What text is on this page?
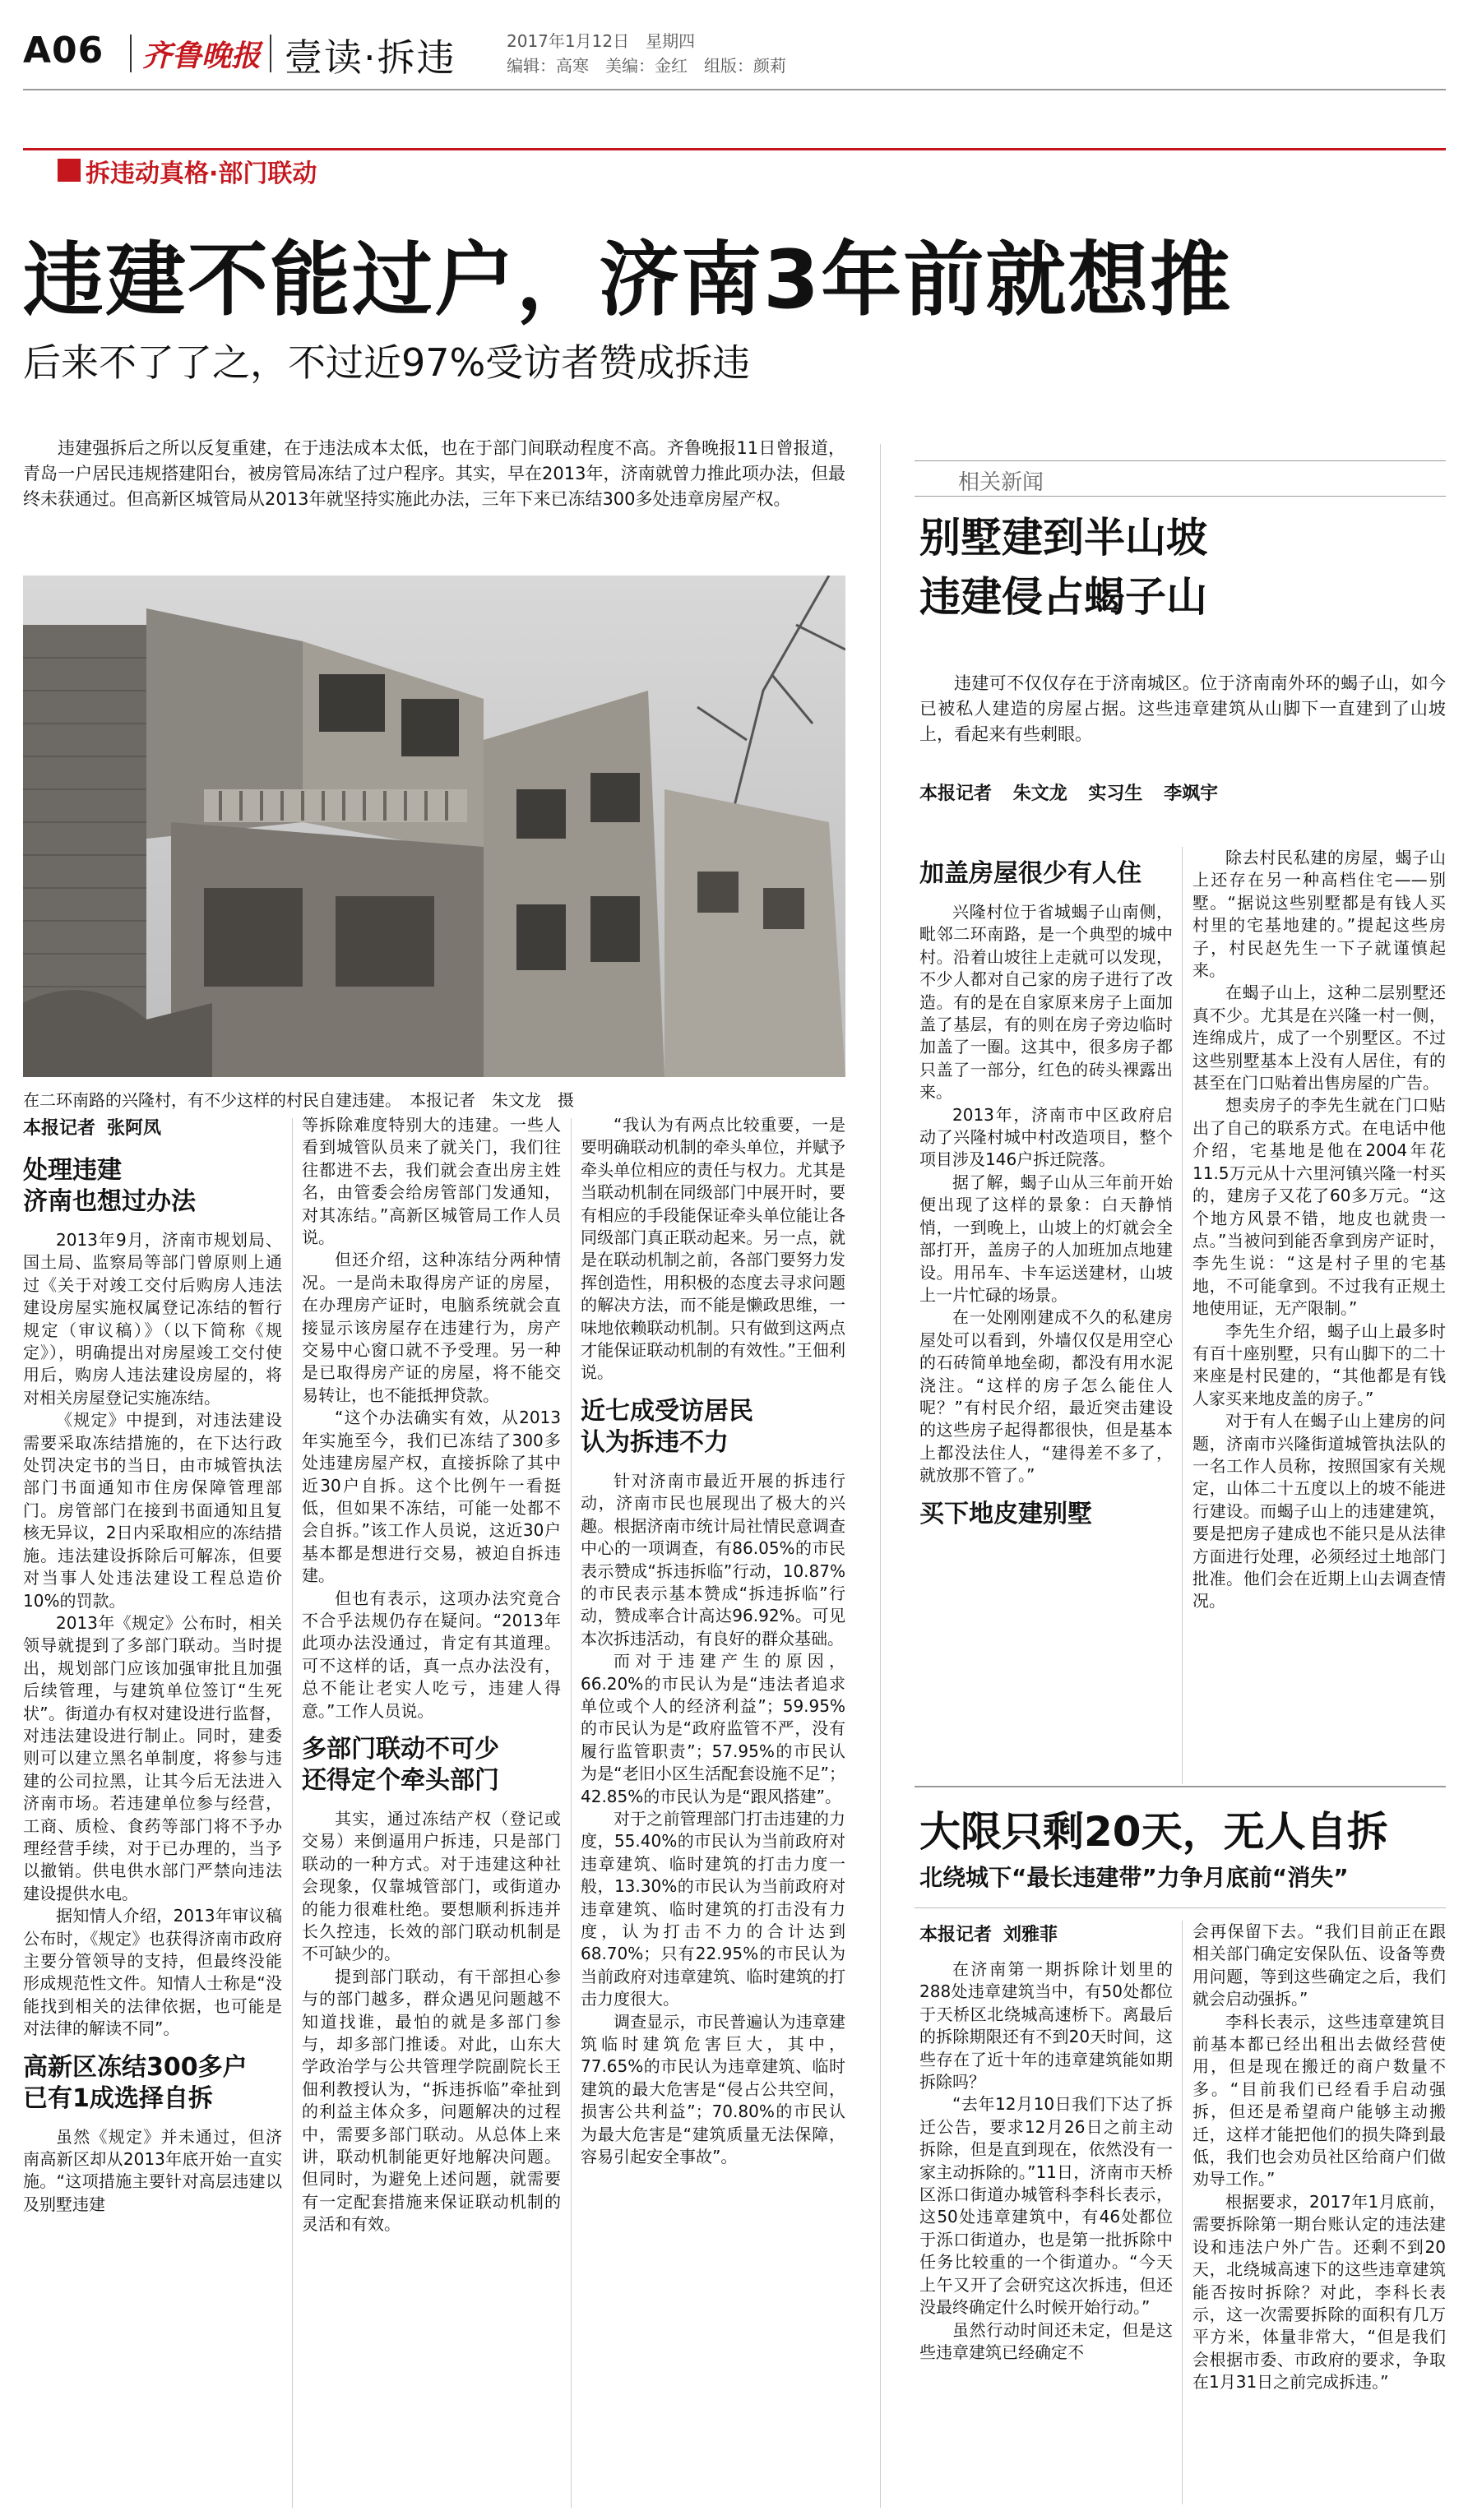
A06 齐鲁晚报 壹读·拆违	2017年1月12日　星期四
编辑：高寒　美编：金红　组版：颜莉
拆违动真格·部门联动
违建不能过户，济南3年前就想推
后来不了了之，不过近97%受访者赞成拆违
违建强拆后之所以反复重建，在于违法成本太低，也在于部门间联动程度不高。齐鲁晚报11日曾报道，青岛一户居民违规搭建阳台，被房管局冻结了过户程序。其实，早在2013年，济南就曾力推此项办法，但最终未获通过。但高新区城管局从2013年就坚持实施此办法，三年下来已冻结300多处违章房屋产权。
在二环南路的兴隆村，有不少这样的村民自建违建。　本报记者　朱文龙　摄
本报记者 张阿凤
处理违建
济南也想过办法

2013年9月，济南市规划局、国土局、监察局等部门曾原则上通过《关于对竣工交付后购房人违法建设房屋实施权属登记冻结的暂行规定（审议稿）》（以下简称《规定》），明确提出对房屋竣工交付使用后，购房人违法建设房屋的，将对相关房屋登记实施冻结。

《规定》中提到，对违法建设需要采取冻结措施的，在下达行政处罚决定书的当日，由市城管执法部门书面通知市住房保障管理部门。房管部门在接到书面通知且复核无异议，2日内采取相应的冻结措施。违法建设拆除后可解冻，但要对当事人处违法建设工程总造价10%的罚款。

2013年《规定》公布时，相关领导就提到了多部门联动。当时提出，规划部门应该加强审批且加强后续管理，与建筑单位签订“生死状”。街道办有权对建设进行监督，对违法建设进行制止。同时，建委则可以建立黑名单制度，将参与违建的公司拉黑，让其今后无法进入济南市场。若违建单位参与经营，工商、质检、食药等部门将不予办理经营手续，对于已办理的，当予以撤销。供电供水部门严禁向违法建设提供水电。

据知情人介绍，2013年审议稿公布时，《规定》也获得济南市政府主要分管领导的支持，但最终没能形成规范性文件。知情人士称是“没能找到相关的法律依据，也可能是对法律的解读不同”。

高新区冻结300多户
已有1成选择自拆

虽然《规定》并未通过，但济南高新区却从2013年底开始一直实施。“这项措施主要针对高层违建以及别墅违建

等拆除难度特别大的违建。一些人看到城管队员来了就关门，我们往往都进不去，我们就会查出房主姓名，由管委会给房管部门发通知，对其冻结。”高新区城管局工作人员说。

但还介绍，这种冻结分两种情况。一是尚未取得房产证的房屋，在办理房产证时，电脑系统就会直接显示该房屋存在违建行为，房产交易中心窗口就不予受理。另一种是已取得房产证的房屋，将不能交易转让，也不能抵押贷款。

“这个办法确实有效，从2013年实施至今，我们已冻结了300多处违建房屋产权，直接拆除了其中近30户自拆。这个比例午一看挺低，但如果不冻结，可能一处都不会自拆。”该工作人员说，这近30户基本都是想进行交易，被迫自拆违建。

但也有表示，这项办法究竟合不合乎法规仍存在疑问。“2013年此项办法没通过，肯定有其道理。可不这样的话，真一点办法没有，总不能让老实人吃亏，违建人得意。”工作人员说。

多部门联动不可少
还得定个牵头部门

其实，通过冻结产权（登记或交易）来倒逼用户拆违，只是部门联动的一种方式。对于违建这种社会现象，仅靠城管部门，或街道办的能力很难杜绝。要想顺利拆违并长久控违，长效的部门联动机制是不可缺少的。

提到部门联动，有干部担心参与的部门越多，群众遇见问题越不知道找谁，最怕的就是多部门参与，却多部门推诿。对此，山东大学政治学与公共管理学院副院长王佃利教授认为，“拆违拆临”牵扯到的利益主体众多，问题解决的过程中，需要多部门联动。从总体上来讲，联动机制能更好地解决问题。但同时，为避免上述问题，就需要有一定配套措施来保证联动机制的灵活和有效。

“我认为有两点比较重要，一是要明确联动机制的牵头单位，并赋予牵头单位相应的责任与权力。尤其是当联动机制在同级部门中展开时，要有相应的手段能保证牵头单位能让各同级部门真正联动起来。另一点，就是在联动机制之前，各部门要努力发挥创造性，用积极的态度去寻求问题的解决方法，而不能是懒政思维，一味地依赖联动机制。只有做到这两点才能保证联动机制的有效性。”王佃利说。

近七成受访居民
认为拆违不力

针对济南市最近开展的拆违行动，济南市民也展现出了极大的兴趣。根据济南市统计局社情民意调查中心的一项调查，有86.05%的市民表示赞成“拆违拆临”行动，10.87%的市民表示基本赞成“拆违拆临”行动，赞成率合计高达96.92%。可见本次拆违活动，有良好的群众基础。

而对于违建产生的原因，66.20%的市民认为是“违法者追求单位或个人的经济利益”；59.95%的市民认为是“政府监管不严，没有履行监管职责”；57.95%的市民认为是“老旧小区生活配套设施不足”；42.85%的市民认为是“跟风搭建”。

对于之前管理部门打击违建的力度，55.40%的市民认为当前政府对违章建筑、临时建筑的打击力度一般，13.30%的市民认为当前政府对违章建筑、临时建筑的打击没有力度，认为打击不力的合计达到68.70%；只有22.95%的市民认为当前政府对违章建筑、临时建筑的打击力度很大。

调查显示，市民普遍认为违章建筑临时建筑危害巨大，其中，77.65%的市民认为违章建筑、临时建筑的最大危害是“侵占公共空间，损害公共利益”；70.80%的市民认为最大危害是“建筑质量无法保障，容易引起安全事故”。

相关新闻
别墅建到半山坡
违建侵占蝎子山
违建可不仅仅存在于济南城区。位于济南南外环的蝎子山，如今已被私人建造的房屋占据。这些违章建筑从山脚下一直建到了山坡上，看起来有些刺眼。
本报记者 朱文龙 实习生 李飒宇
加盖房屋很少有人住

兴隆村位于省城蝎子山南侧，毗邻二环南路，是一个典型的城中村。沿着山坡往上走就可以发现，不少人都对自己家的房子进行了改造。有的是在自家原来房子上面加盖了基层，有的则在房子旁边临时加盖了一圈。这其中，很多房子都只盖了一部分，红色的砖头裸露出来。

2013年，济南市中区政府启动了兴隆村城中村改造项目，整个项目涉及146户拆迁院落。

据了解，蝎子山从三年前开始便出现了这样的景象：白天静悄悄，一到晚上，山坡上的灯就会全部打开，盖房子的人加班加点地建设。用吊车、卡车运送建材，山坡上一片忙碌的场景。

在一处刚刚建成不久的私建房屋处可以看到，外墙仅仅是用空心的石砖简单地垒砌，都没有用水泥浇注。“这样的房子怎么能住人呢？”有村民介绍，最近突击建设的这些房子起得都很快，但是基本上都没法住人，“建得差不多了，就放那不管了。”

买下地皮建别墅

除去村民私建的房屋，蝎子山上还存在另一种高档住宅——别墅。“据说这些别墅都是有钱人买村里的宅基地建的。”提起这些房子，村民赵先生一下子就谨慎起来。

在蝎子山上，这种二层别墅还真不少。尤其是在兴隆一村一侧，连绵成片，成了一个别墅区。不过这些别墅基本上没有人居住，有的甚至在门口贴着出售房屋的广告。

想卖房子的李先生就在门口贴出了自己的联系方式。在电话中他介绍，宅基地是他在2004年花11.5万元从十六里河镇兴隆一村买的，建房子又花了60多万元。“这个地方风景不错，地皮也就贵一点。”当被问到能否拿到房产证时，李先生说：“这是村子里的宅基地，不可能拿到。不过我有正规土地使用证，无产限制。”

李先生介绍，蝎子山上最多时有百十座别墅，只有山脚下的二十来座是村民建的，“其他都是有钱人家买来地皮盖的房子。”

对于有人在蝎子山上建房的问题，济南市兴隆街道城管执法队的一名工作人员称，按照国家有关规定，山体二十五度以上的坡不能进行建设。而蝎子山上的违建建筑，要是把房子建成也不能只是从法律方面进行处理，必须经过土地部门批准。他们会在近期上山去调查情况。

大限只剩20天，无人自拆
北绕城下“最长违建带”力争月底前“消失”
本报记者 刘雅菲

在济南第一期拆除计划里的288处违章建筑当中，有50处都位于天桥区北绕城高速桥下。离最后的拆除期限还有不到20天时间，这些存在了近十年的违章建筑能如期拆除吗？

“去年12月10日我们下达了拆迁公告，要求12月26日之前主动拆除，但是直到现在，依然没有一家主动拆除的。”11日，济南市天桥区泺口街道办城管科李科长表示，这50处违章建筑中，有46处都位于泺口街道办，也是第一批拆除中任务比较重的一个街道办。“今天上午又开了会研究这次拆违，但还没最终确定什么时候开始行动。”

虽然行动时间还未定，但是这些违章建筑已经确定不

会再保留下去。“我们目前正在跟相关部门确定安保队伍、设备等费用问题，等到这些确定之后，我们就会启动强拆。”

李科长表示，这些违章建筑目前基本都已经出租出去做经营使用，但是现在搬迁的商户数量不多。“目前我们已经看手启动强拆，但还是希望商户能够主动搬迁，这样才能把他们的损失降到最低，我们也会劝员社区给商户们做劝导工作。”

根据要求，2017年1月底前，需要拆除第一期台账认定的违法建设和违法户外广告。还剩不到20天，北绕城高速下的这些违章建筑能否按时拆除？对此，李科长表示，这一次需要拆除的面积有几万平方米，体量非常大，“但是我们会根据市委、市政府的要求，争取在1月31日之前完成拆违。”
